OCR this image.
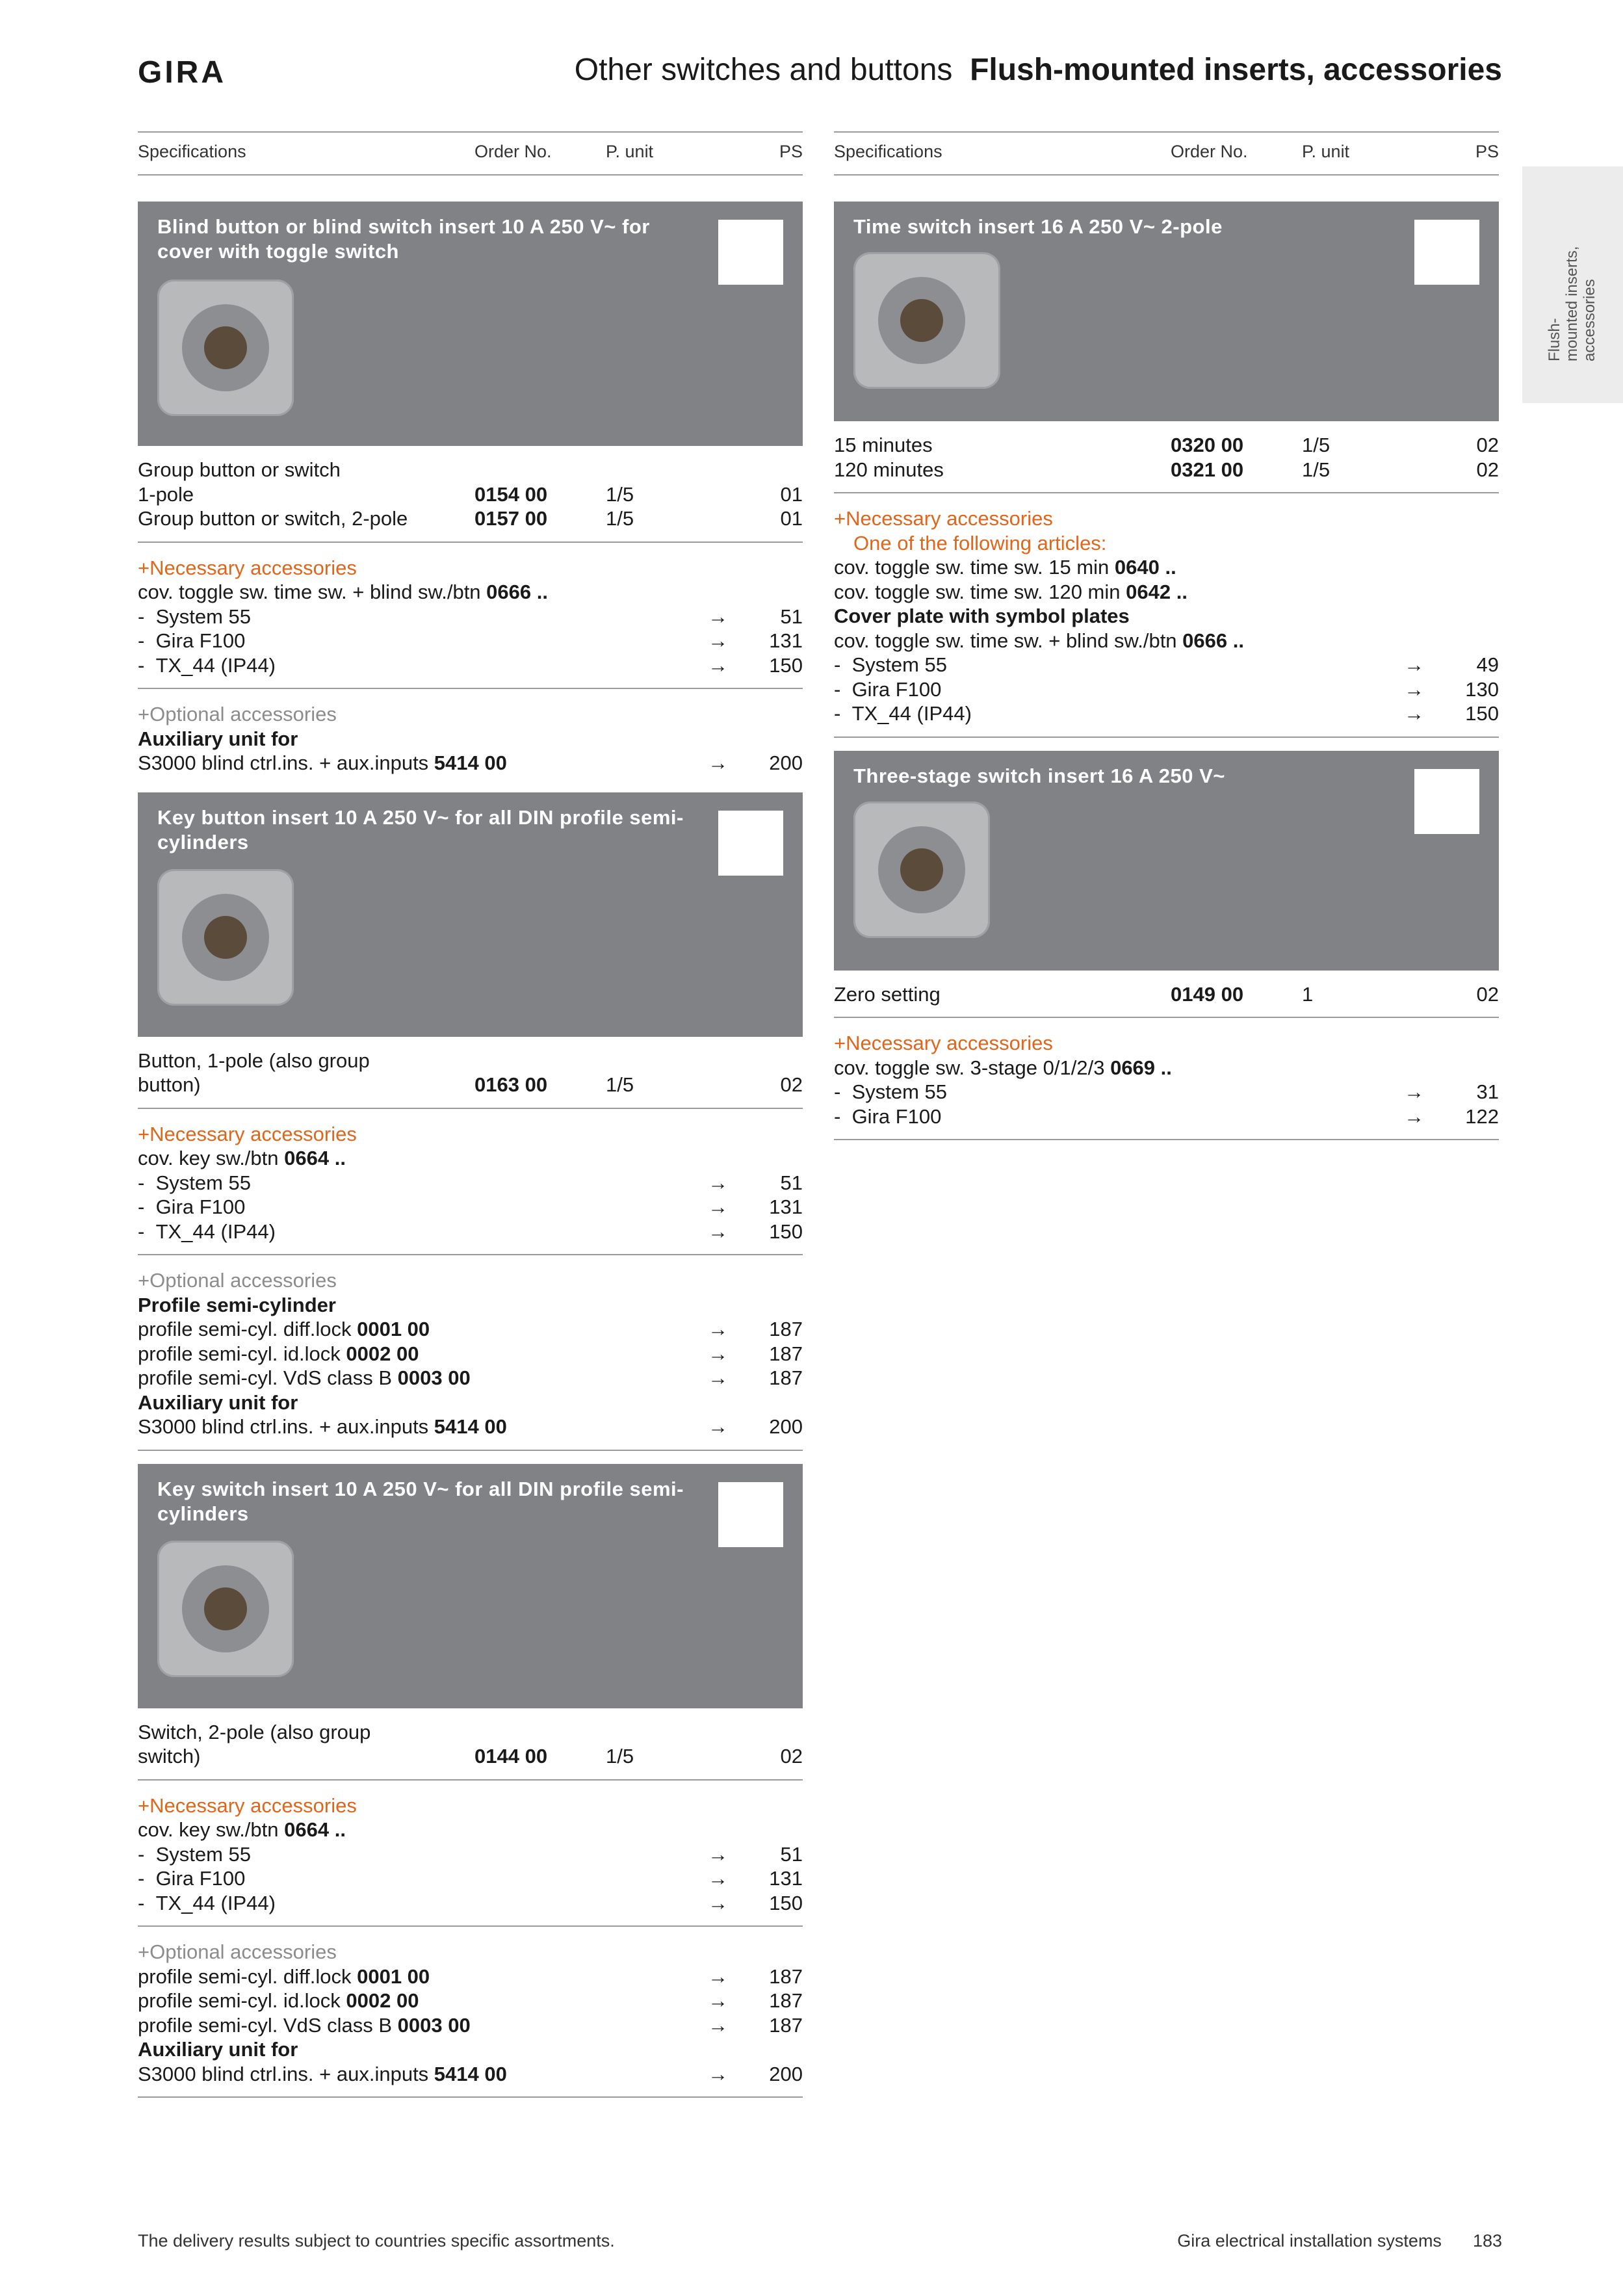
GIRA	Other switches and buttons Flush-mounted inserts, accessories
Flush- mounted inserts, accessories
Specifications	Order No.	P. unit	PS
Blind button or blind switch insert 10 A 250 V~ for cover with toggle switch
Group button or switch
1-pole	0154 00	1/5	01
Group button or switch, 2-pole	0157 00	1/5	01
+Necessary accessories
cov. toggle sw. time sw. + blind sw./btn 0666 ..
- System 55	→	51
- Gira F100	→ 131
- TX_44 (IP44)	→ 150
+Optional accessories
Auxiliary unit for
S3000 blind ctrl.ins. + aux.inputs 5414 00	→ 200
Key button insert 10 A 250 V~ for all DIN profile semi-cylinders
Button, 1-pole (also group
button)	0163 00	1/5	02
+Necessary accessories
cov. key sw./btn 0664 ..
- System 55	→	51
- Gira F100	→ 131
- TX_44 (IP44)	→ 150
+Optional accessories
Profile semi-cylinder
profile semi-cyl. diff.lock 0001 00	→ 187
profile semi-cyl. id.lock 0002 00	→ 187
profile semi-cyl. VdS class B 0003 00	→ 187
Auxiliary unit for
S3000 blind ctrl.ins. + aux.inputs 5414 00	→ 200
Key switch insert 10 A 250 V~ for all DIN profile semi-cylinders
Switch, 2-pole (also group
switch)	0144 00	1/5	02
+Necessary accessories
cov. key sw./btn 0664 ..
- System 55	→	51
- Gira F100	→ 131
- TX_44 (IP44)	→ 150
+Optional accessories
profile semi-cyl. diff.lock 0001 00	→ 187
profile semi-cyl. id.lock 0002 00	→ 187
profile semi-cyl. VdS class B 0003 00	→ 187
Auxiliary unit for
S3000 blind ctrl.ins. + aux.inputs 5414 00	→ 200
Specifications	Order No.	P. unit	PS
Time switch insert 16 A 250 V~ 2-pole
15 minutes	0320 00	1/5	02
120 minutes	0321 00	1/5	02
+Necessary accessories
One of the following articles:
cov. toggle sw. time sw. 15 min 0640 ..
cov. toggle sw. time sw. 120 min 0642 ..
Cover plate with symbol plates
cov. toggle sw. time sw. + blind sw./btn 0666 ..
- System 55	→	49
- Gira F100	→ 130
- TX_44 (IP44)	→ 150
Three-stage switch insert 16 A 250 V~
Zero setting	0149 00	1	02
+Necessary accessories
cov. toggle sw. 3-stage 0/1/2/3 0669 ..
- System 55	→	31
- Gira F100	→ 122
The delivery results subject to countries specific assortments.	Gira electrical installation systems 183
